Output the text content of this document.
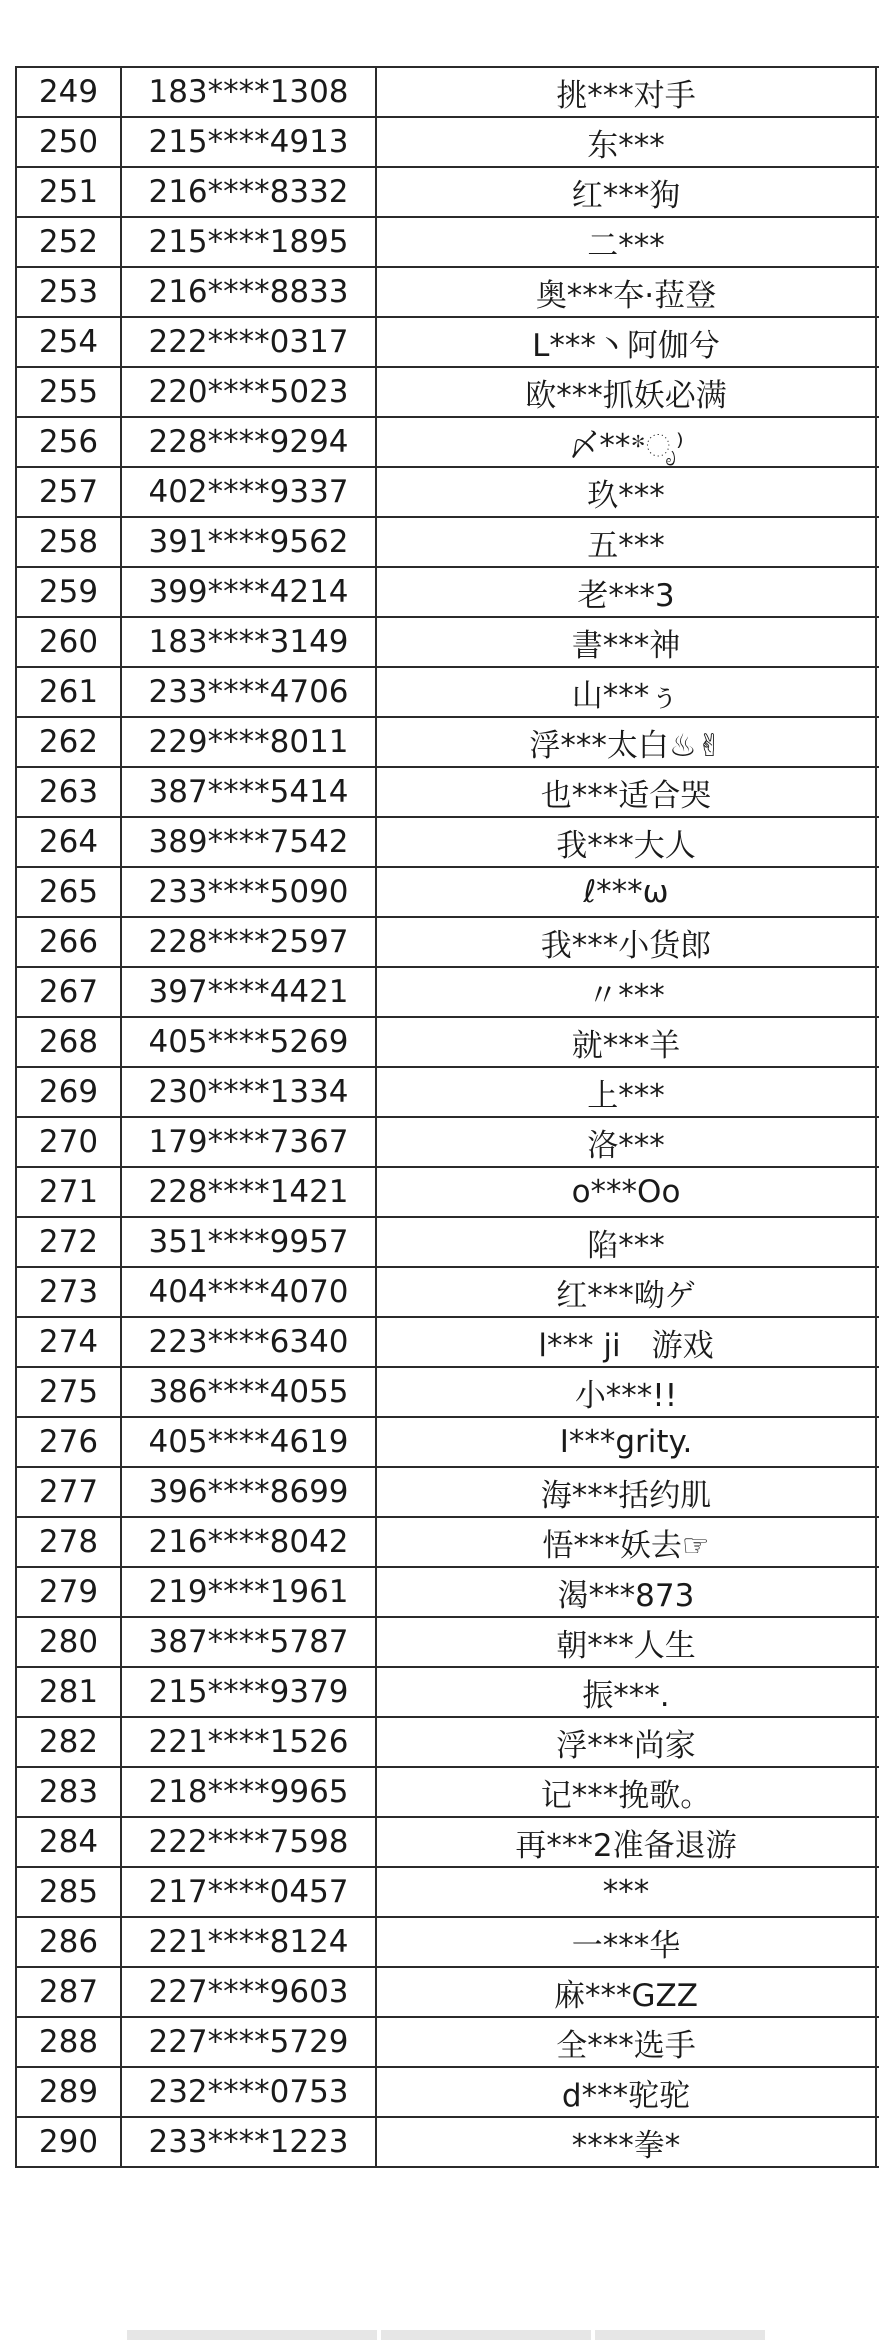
249	183****1308	挑***对手	
250	215****4913	东***	
251	216****8332	红***狗	
252	215****1895	二***	
253	216****8833	奥***夲·菈登	
254	222****0317	L***丶阿伽兮	
255	220****5023	欧***抓妖必满	
256	228****9294	〆***ೃ⁾	
257	402****9337	玖***	
258	391****9562	五***	
259	399****4214	老***3	
260	183****3149	書***神	
261	233****4706	山***ぅ	
262	229****8011	浮***太白♨✌	
263	387****5414	也***适合哭	
264	389****7542	我***大人	
265	233****5090	ℓ***ω	
266	228****2597	我***小货郎	
267	397****4421	〃***	
268	405****5269	就***羊	
269	230****1334	上***	
270	179****7367	洛***	
271	228****1421	o***Oo	
272	351****9957	陷***	
273	404****4070	红***呦ゲ	
274	223****6340	l*** ji　游戏	
275	386****4055	小***!!	
276	405****4619	I***grity.	
277	396****8699	海***括约肌	
278	216****8042	悟***妖去☞	
279	219****1961	渴***873	
280	387****5787	朝***人生	
281	215****9379	振***.	
282	221****1526	浮***尚家	
283	218****9965	记***挽歌。	
284	222****7598	再***2准备退游	
285	217****0457	***	
286	221****8124	一***华	
287	227****9603	麻***GZZ	
288	227****5729	全***选手	
289	232****0753	d***驼驼	
290	233****1223	****拳*	
